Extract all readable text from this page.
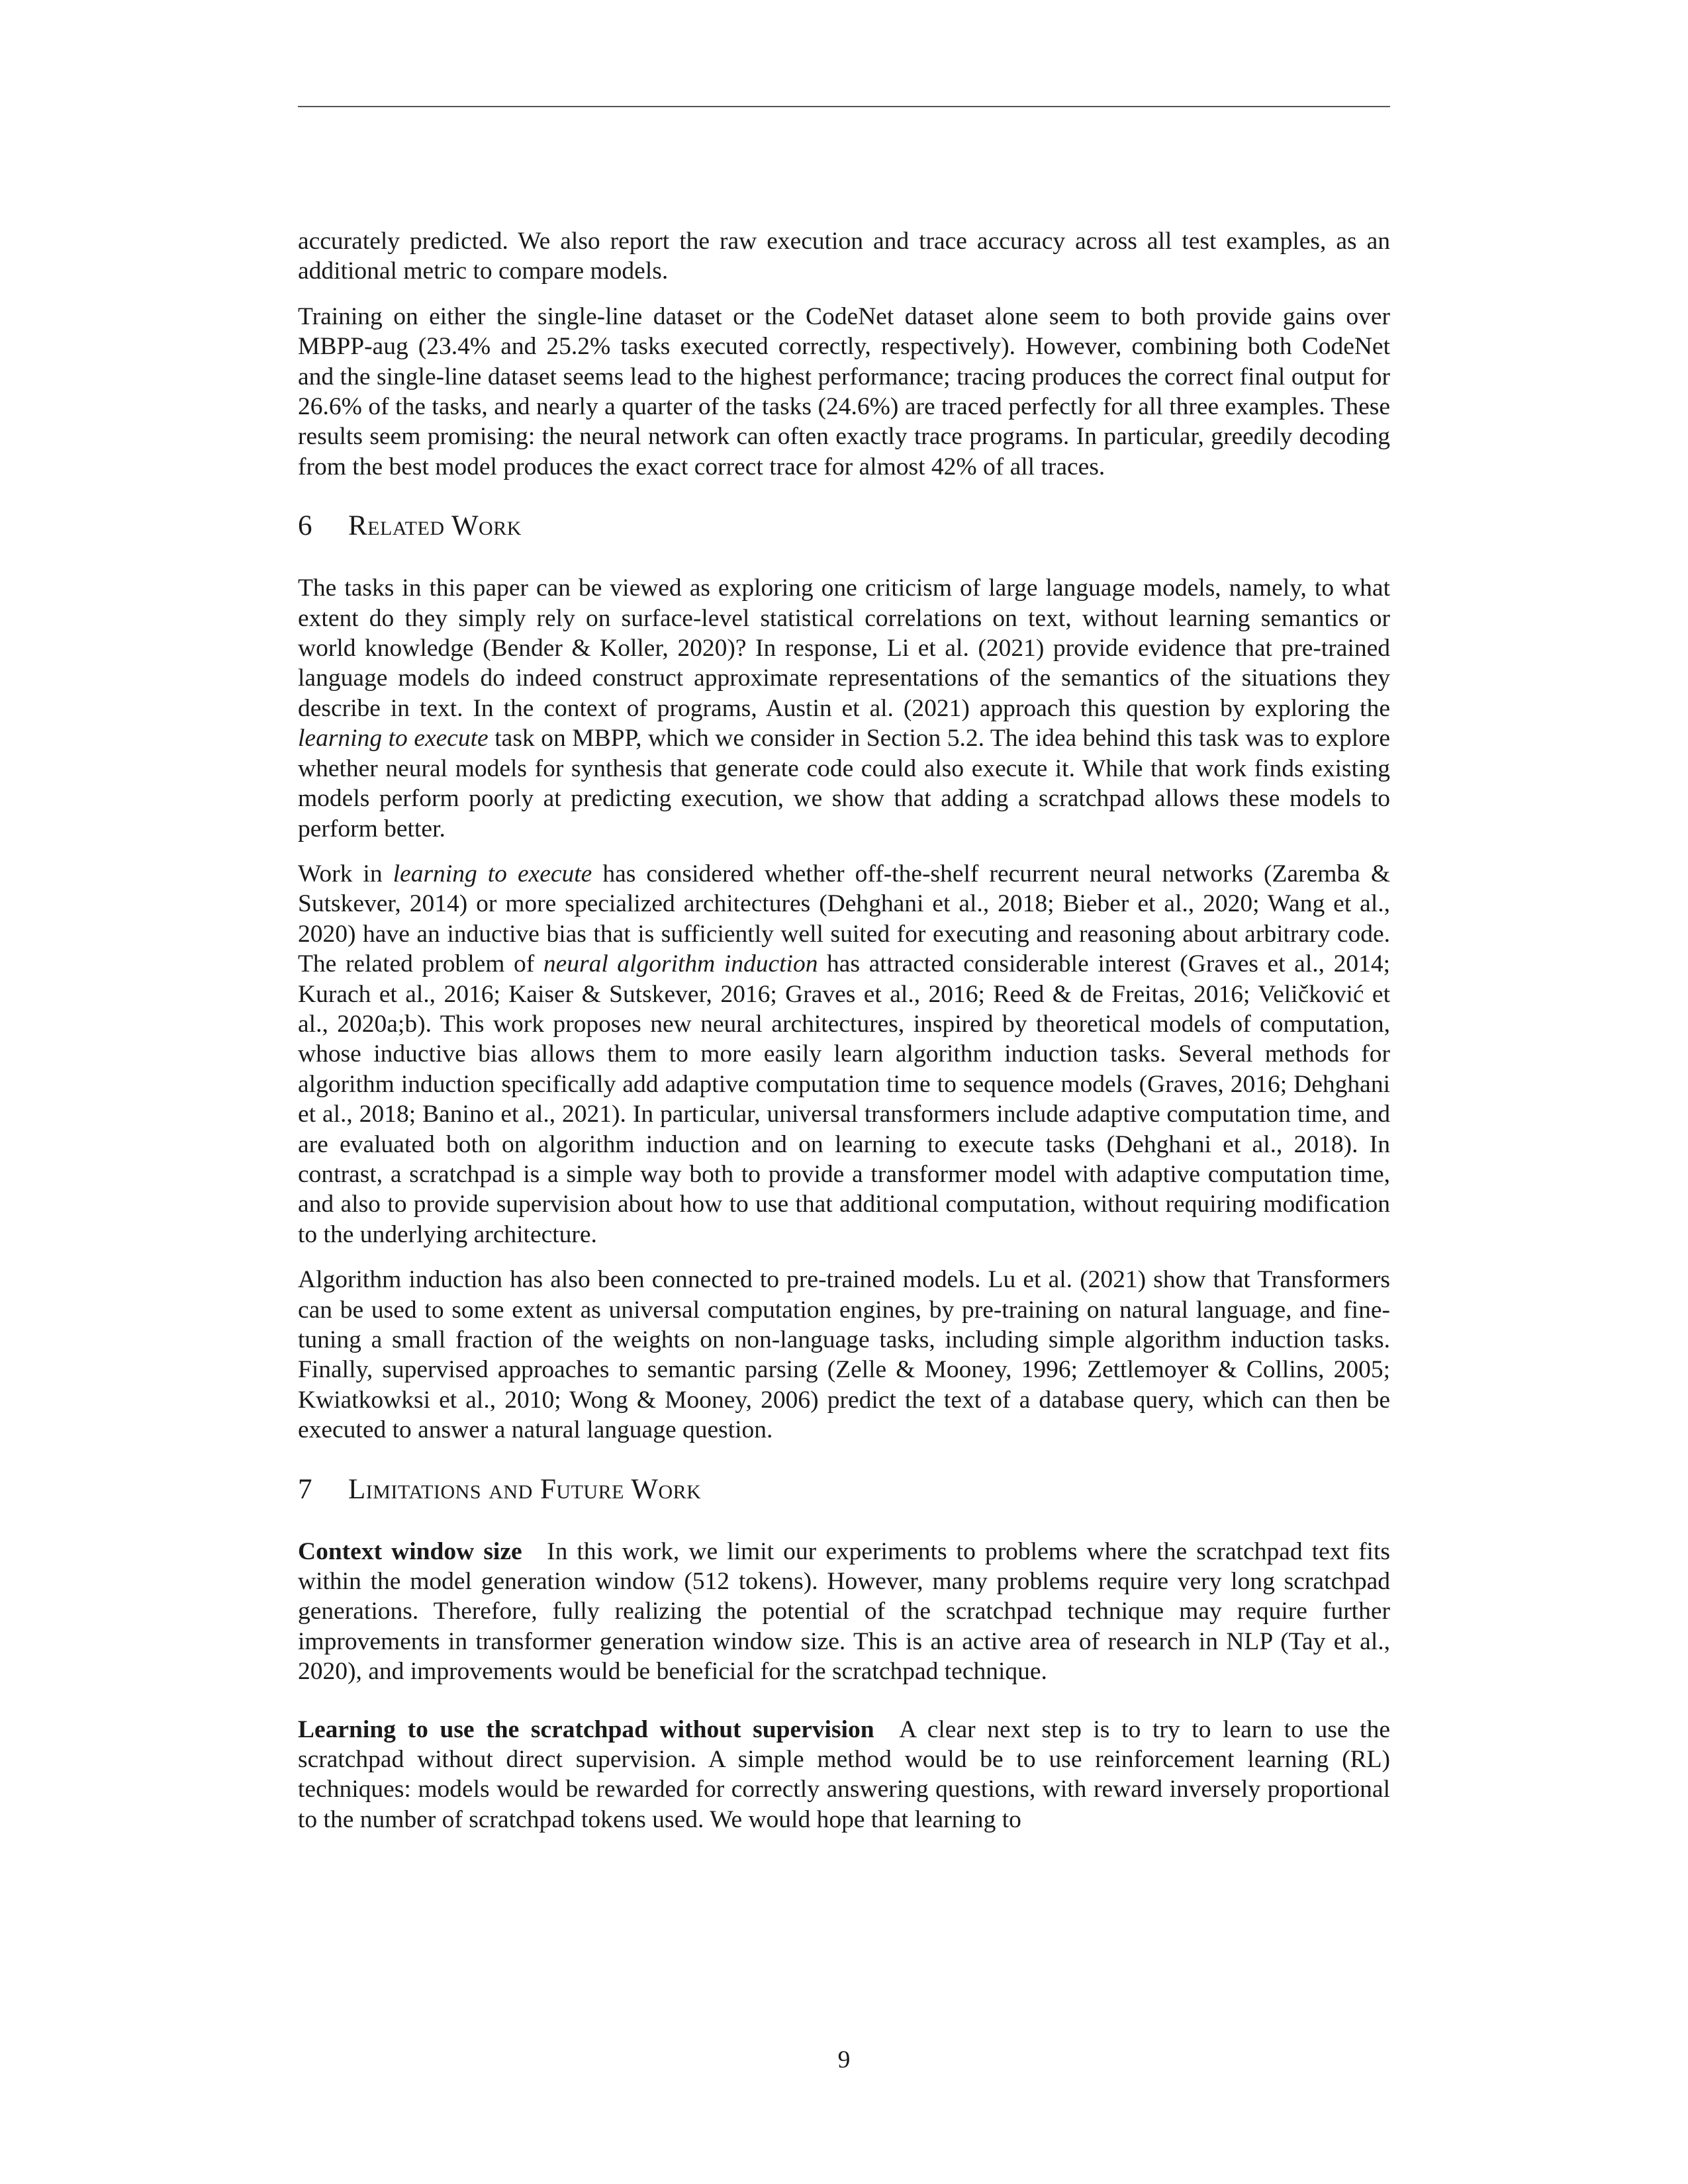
accurately predicted. We also report the raw execution and trace accuracy across all test examples, as an additional metric to compare models.

Training on either the single-line dataset or the CodeNet dataset alone seem to both provide gains over MBPP-aug (23.4% and 25.2% tasks executed correctly, respectively). However, combining both CodeNet and the single-line dataset seems lead to the highest performance; tracing produces the correct final output for 26.6% of the tasks, and nearly a quarter of the tasks (24.6%) are traced perfectly for all three examples. These results seem promising: the neural network can often exactly trace programs. In particular, greedily decoding from the best model produces the exact correct trace for almost 42% of all traces.

6 Related Work

The tasks in this paper can be viewed as exploring one criticism of large language models, namely, to what extent do they simply rely on surface-level statistical correlations on text, without learning semantics or world knowledge (Bender & Koller, 2020)? In response, Li et al. (2021) provide evidence that pre-trained language models do indeed construct approximate representations of the semantics of the situations they describe in text. In the context of programs, Austin et al. (2021) approach this question by exploring the learning to execute task on MBPP, which we consider in Section 5.2. The idea behind this task was to explore whether neural models for synthesis that generate code could also execute it. While that work finds existing models perform poorly at predicting execution, we show that adding a scratchpad allows these models to perform better.

Work in learning to execute has considered whether off-the-shelf recurrent neural networks (Zaremba & Sutskever, 2014) or more specialized architectures (Dehghani et al., 2018; Bieber et al., 2020; Wang et al., 2020) have an inductive bias that is sufficiently well suited for executing and reasoning about arbitrary code. The related problem of neural algorithm induction has attracted considerable interest (Graves et al., 2014; Kurach et al., 2016; Kaiser & Sutskever, 2016; Graves et al., 2016; Reed & de Freitas, 2016; Veličković et al., 2020a;b). This work proposes new neural architectures, inspired by theoretical models of computation, whose inductive bias allows them to more easily learn algorithm induction tasks. Several methods for algorithm induction specifically add adaptive computation time to sequence models (Graves, 2016; Dehghani et al., 2018; Banino et al., 2021). In particular, universal transformers include adaptive computation time, and are evaluated both on algorithm induction and on learning to execute tasks (Dehghani et al., 2018). In contrast, a scratchpad is a simple way both to provide a transformer model with adaptive computation time, and also to provide supervision about how to use that additional computation, without requiring modification to the underlying architecture.

Algorithm induction has also been connected to pre-trained models. Lu et al. (2021) show that Transformers can be used to some extent as universal computation engines, by pre-training on natural language, and fine-tuning a small fraction of the weights on non-language tasks, including simple algorithm induction tasks. Finally, supervised approaches to semantic parsing (Zelle & Mooney, 1996; Zettlemoyer & Collins, 2005; Kwiatkowksi et al., 2010; Wong & Mooney, 2006) predict the text of a database query, which can then be executed to answer a natural language question.

7 Limitations and Future Work

Context window size In this work, we limit our experiments to problems where the scratchpad text fits within the model generation window (512 tokens). However, many problems require very long scratchpad generations. Therefore, fully realizing the potential of the scratchpad technique may require further improvements in transformer generation window size. This is an active area of research in NLP (Tay et al., 2020), and improvements would be beneficial for the scratchpad technique.

Learning to use the scratchpad without supervision A clear next step is to try to learn to use the scratchpad without direct supervision. A simple method would be to use reinforcement learning (RL) techniques: models would be rewarded for correctly answering questions, with reward inversely proportional to the number of scratchpad tokens used. We would hope that learning to

9
